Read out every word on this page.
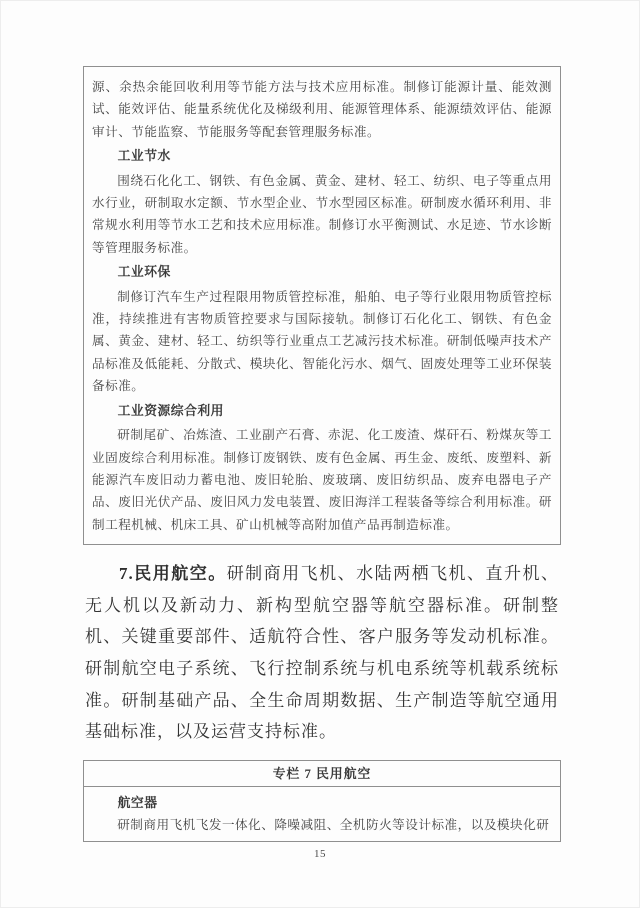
源、余热余能回收利用等节能方法与技术应用标准。制修订能源计量、能效测试、能效评估、能量系统优化及梯级利用、能源管理体系、能源绩效评估、能源审计、节能监察、节能服务等配套管理服务标准。

工业节水

围绕石化化工、钢铁、有色金属、黄金、建材、轻工、纺织、电子等重点用水行业，研制取水定额、节水型企业、节水型园区标准。研制废水循环利用、非常规水利用等节水工艺和技术应用标准。制修订水平衡测试、水足迹、节水诊断等管理服务标准。

工业环保

制修订汽车生产过程限用物质管控标准，船舶、电子等行业限用物质管控标准，持续推进有害物质管控要求与国际接轨。制修订石化化工、钢铁、有色金属、黄金、建材、轻工、纺织等行业重点工艺减污技术标准。研制低噪声技术产品标准及低能耗、分散式、模块化、智能化污水、烟气、固废处理等工业环保装备标准。

工业资源综合利用

研制尾矿、冶炼渣、工业副产石膏、赤泥、化工废渣、煤矸石、粉煤灰等工业固废综合利用标准。制修订废钢铁、废有色金属、再生金、废纸、废塑料、新能源汽车废旧动力蓄电池、废旧轮胎、废玻璃、废旧纺织品、废弃电器电子产品、废旧光伏产品、废旧风力发电装置、废旧海洋工程装备等综合利用标准。研制工程机械、机床工具、矿山机械等高附加值产品再制造标准。

7.民用航空。研制商用飞机、水陆两栖飞机、直升机、无人机以及新动力、新构型航空器等航空器标准。研制整机、关键重要部件、适航符合性、客户服务等发动机标准。研制航空电子系统、飞行控制系统与机电系统等机载系统标准。研制基础产品、全生命周期数据、生产制造等航空通用基础标准，以及运营支持标准。

专栏 7 民用航空
航空器

研制商用飞机飞发一体化、降噪减阻、全机防火等设计标准，以及模块化研

15
